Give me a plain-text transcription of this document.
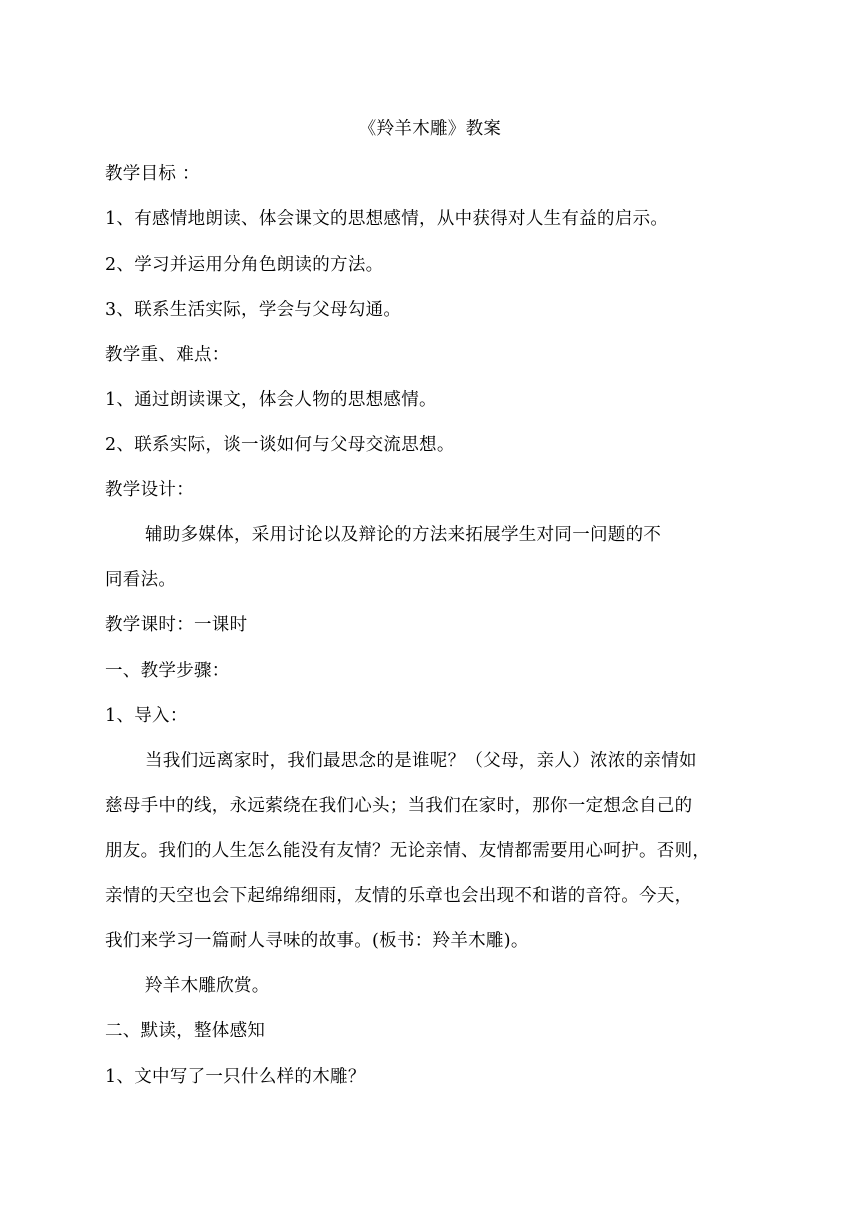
《羚羊木雕》教案
教学目标 ：
1、有感情地朗读、体会课文的思想感情，从中获得对人生有益的启示。
2、学习并运用分角色朗读的方法。
3、联系生活实际，学会与父母勾通。
教学重、难点：
1、通过朗读课文，体会人物的思想感情。
2、联系实际，谈一谈如何与父母交流思想。
教学设计：
辅助多媒体，采用讨论以及辩论的方法来拓展学生对同一问题的不
同看法。
教学课时：一课时
一、教学步骤：
1、导入：
当我们远离家时，我们最思念的是谁呢？（父母，亲人）浓浓的亲情如
慈母手中的线，永远萦绕在我们心头；当我们在家时，那你一定想念自己的
朋友。我们的人生怎么能没有友情？无论亲情、友情都需要用心呵护。否则，
亲情的天空也会下起绵绵细雨，友情的乐章也会出现不和谐的音符。今天，
我们来学习一篇耐人寻味的故事。(板书：羚羊木雕)。
羚羊木雕欣赏。
二、默读，整体感知
1、文中写了一只什么样的木雕？
